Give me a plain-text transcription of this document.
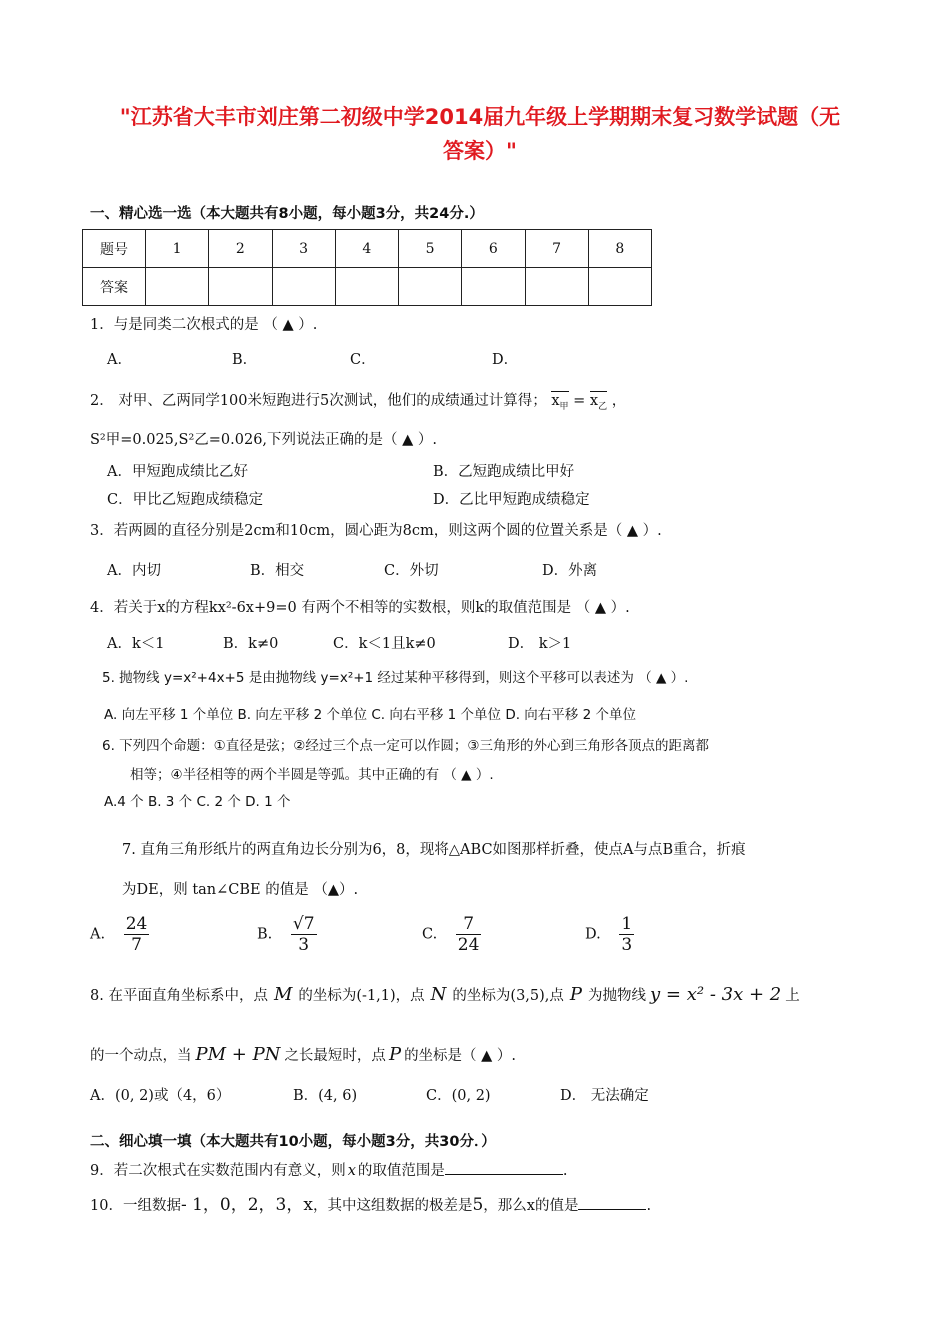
"江苏省大丰市刘庄第二初级中学2014届九年级上学期期末复习数学试题（无
答案）"
一、精心选一选（本大题共有8小题，每小题3分，共24分.）
题号	1	2	3	4	5	6	7	8
答案								
1．与是同类二次根式的是 （ ▲ ）.
A．	B．	C．	D．
2． 对甲、乙两同学100米短跑进行5次测试，他们的成绩通过计算得； $x_甲 = x_乙$ ，
S²甲=0.025,S²乙=0.026,下列说法正确的是（ ▲ ）.
A．甲短跑成绩比乙好	B．乙短跑成绩比甲好
C．甲比乙短跑成绩稳定	D．乙比甲短跑成绩稳定
3．若两圆的直径分别是2cm和10cm，圆心距为8cm，则这两个圆的位置关系是（ ▲ ）.
A．内切	B．相交	C．外切	D．外离
4．若关于x的方程kx²-6x+9=0 有两个不相等的实数根，则k的取值范围是 （ ▲ ）.
A．k＜1	B．k≠0	C．k＜1且k≠0	D． k＞1
5. 抛物线 y=x²+4x+5 是由抛物线 y=x²+1 经过某种平移得到，则这个平移可以表述为 （ ▲ ）.
A. 向左平移 1 个单位 B. 向左平移 2 个单位 C. 向右平移 1 个单位 D. 向右平移 2 个单位
6. 下列四个命题：①直径是弦；②经过三个点一定可以作圆；③三角形的外心到三角形各顶点的距离都
相等；④半径相等的两个半圆是等弧。其中正确的有 （ ▲ ）.
A.4 个 B. 3 个 C. 2 个 D. 1 个
7. 直角三角形纸片的两直角边长分别为6，8，现将△ABC如图那样折叠，使点A与点B重合，折痕
为DE，则 tan∠CBE 的值是 （▲）.
A. $\frac{24}{7}$	B. $\frac{√7}{3}$	C. $\frac{7}{24}$	D. $\frac{1}{3}$
8. 在平面直角坐标系中，点 M 的坐标为(-1,1)，点 N 的坐标为(3,5),点 P 为抛物线 y = x² - 3x + 2 上
的一个动点，当 PM + PN 之长最短时，点 P 的坐标是（ ▲ ）.
A．(0, 2)或（4，6）	B．(4, 6)	C．(0, 2)	D． 无法确定
二、细心填一填（本大题共有10小题，每小题3分，共30分．）
9．若二次根式在实数范围内有意义，则 x 的取值范围是	.
10．一组数据- 1，0，2，3，x，其中这组数据的极差是5，那么x的值是	.
